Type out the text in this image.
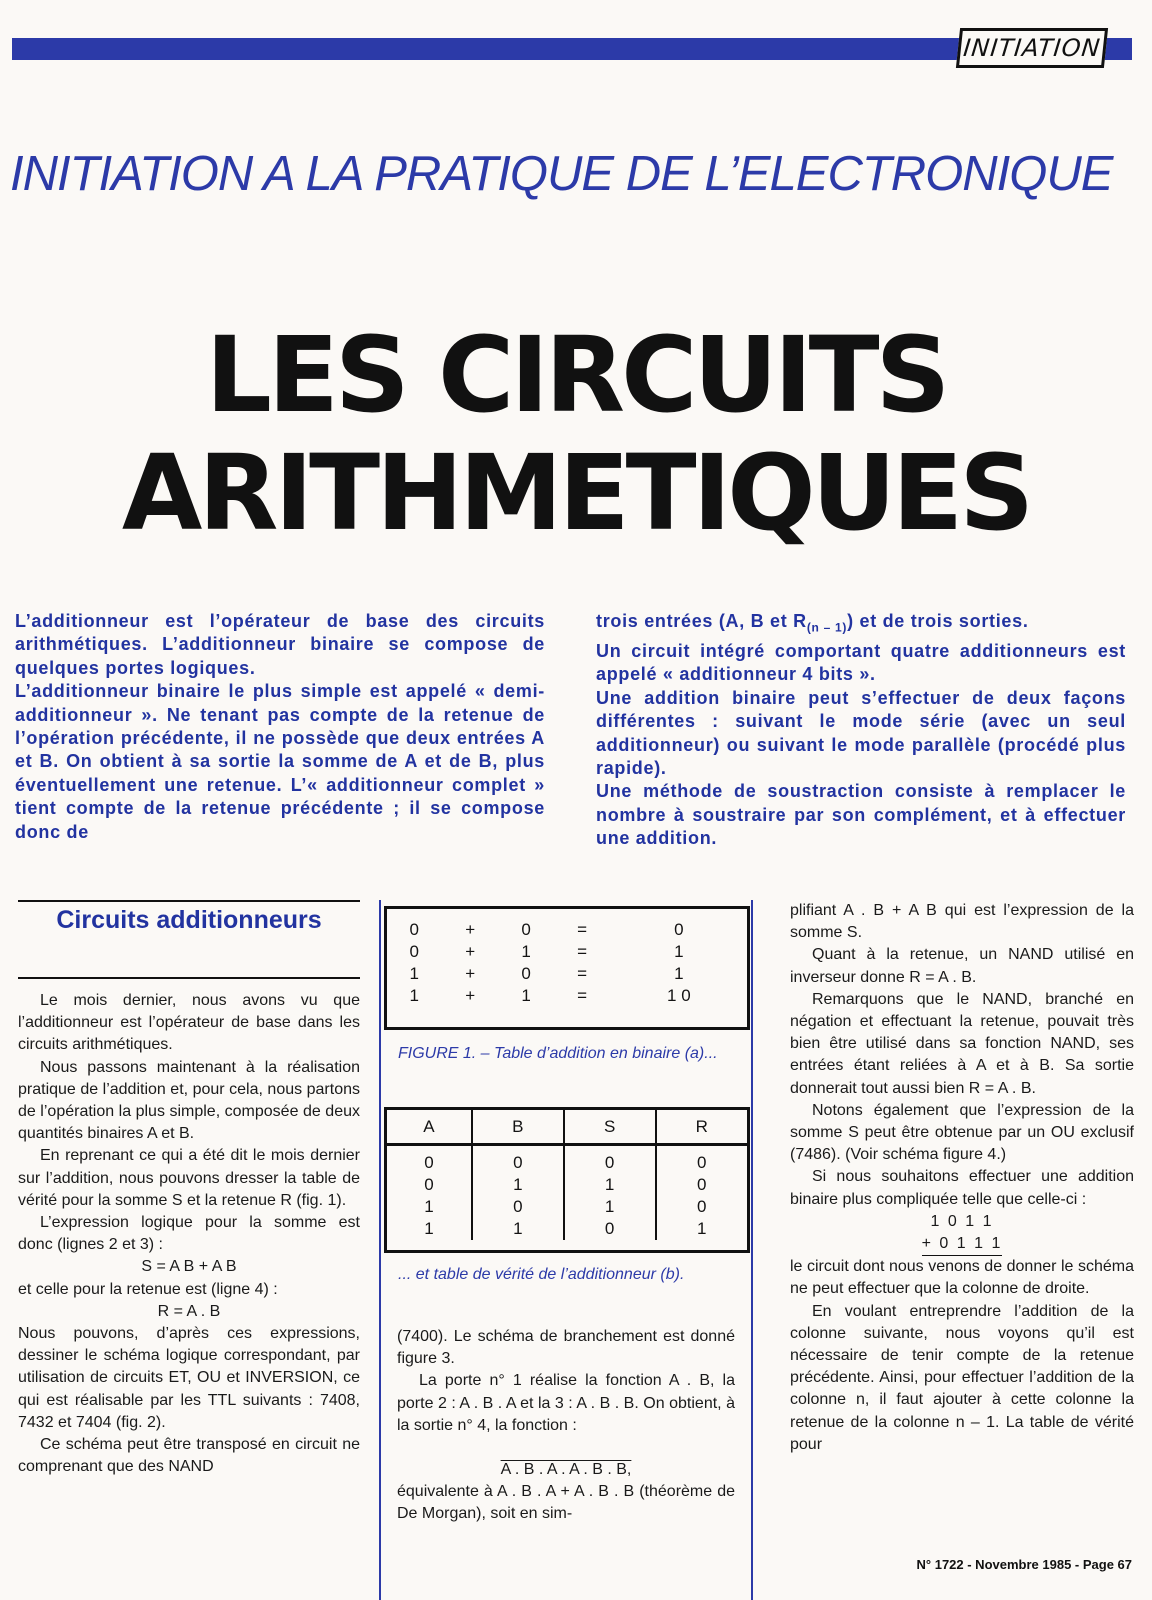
INITIATION
INITIATION A LA PRATIQUE DE L’ELECTRONIQUE
LES CIRCUITS
ARITHMETIQUES

L’additionneur est l’opérateur de base des circuits arithmétiques. L’additionneur binaire se compose de quelques portes logiques.

L’additionneur binaire le plus simple est appelé « demi-additionneur ». Ne tenant pas compte de la retenue de l’opération précédente, il ne possède que deux entrées A et B. On obtient à sa sortie la somme de A et de B, plus éventuellement une retenue. L’« additionneur complet » tient compte de la retenue précédente ; il se compose donc de

trois entrées (A, B et $R_{(n - 1)}$) et de trois sorties.

Un circuit intégré comportant quatre additionneurs est appelé « additionneur 4 bits ».

Une addition binaire peut s’effectuer de deux façons différentes : suivant le mode série (avec un seul additionneur) ou suivant le mode parallèle (procédé plus rapide).

Une méthode de soustraction consiste à remplacer le nombre à soustraire par son complément, et à effectuer une addition.

Circuits additionneurs

Le mois dernier, nous avons vu que l’additionneur est l’opérateur de base dans les circuits arithmétiques.

Nous passons maintenant à la réalisation pratique de l’addition et, pour cela, nous partons de l’opération la plus simple, composée de deux quantités binaires A et B.

En reprenant ce qui a été dit le mois dernier sur l’addition, nous pouvons dresser la table de vérité pour la somme S et la retenue R (fig. 1).

L’expression logique pour la somme est donc (lignes 2 et 3) :

S = A B + A B

et celle pour la retenue est (ligne 4) :

R = A . B

Nous pouvons, d’après ces expressions, dessiner le schéma logique correspondant, par utilisation de circuits ET, OU et INVERSION, ce qui est réalisable par les TTL suivants : 7408, 7432 et 7404 (fig. 2).

Ce schéma peut être transposé en circuit ne comprenant que des NAND

0	+	0	=	0
0	+	1	=	1
1	+	0	=	1
1	+	1	=	1 0
FIGURE 1. – Table d’addition en binaire (a)...
A	B	S	R
0	0	0	0
0	1	1	0
1	0	1	0
1	1	0	1
... et table de vérité de l’additionneur (b).

(7400). Le schéma de branchement est donné figure 3.

La porte n° 1 réalise la fonction A . B, la porte 2 : A . B . A et la 3 : A . B . B. On obtient, à la sortie n° 4, la fonction :

A . B . A . A . B . B,

équivalente à A . B . A + A . B . B (théorème de De Morgan), soit en sim-

plifiant A . B + A B qui est l’expression de la somme S.

Quant à la retenue, un NAND utilisé en inverseur donne R = A . B.

Remarquons que le NAND, branché en négation et effectuant la retenue, pouvait très bien être utilisé dans sa fonction NAND, ses entrées étant reliées à A et à B. Sa sortie donnerait tout aussi bien R = A . B.

Notons également que l’expression de la somme S peut être obtenue par un OU exclusif (7486). (Voir schéma figure 4.)

Si nous souhaitons effectuer une addition binaire plus compliquée telle que celle-ci :

1 0 1 1

+ 0 1 1 1

le circuit dont nous venons de donner le schéma ne peut effectuer que la colonne de droite.

En voulant entreprendre l’addition de la colonne suivante, nous voyons qu’il est nécessaire de tenir compte de la retenue précédente. Ainsi, pour effectuer l’addition de la colonne n, il faut ajouter à cette colonne la retenue de la colonne n – 1. La table de vérité pour

N° 1722 - Novembre 1985 - Page 67
